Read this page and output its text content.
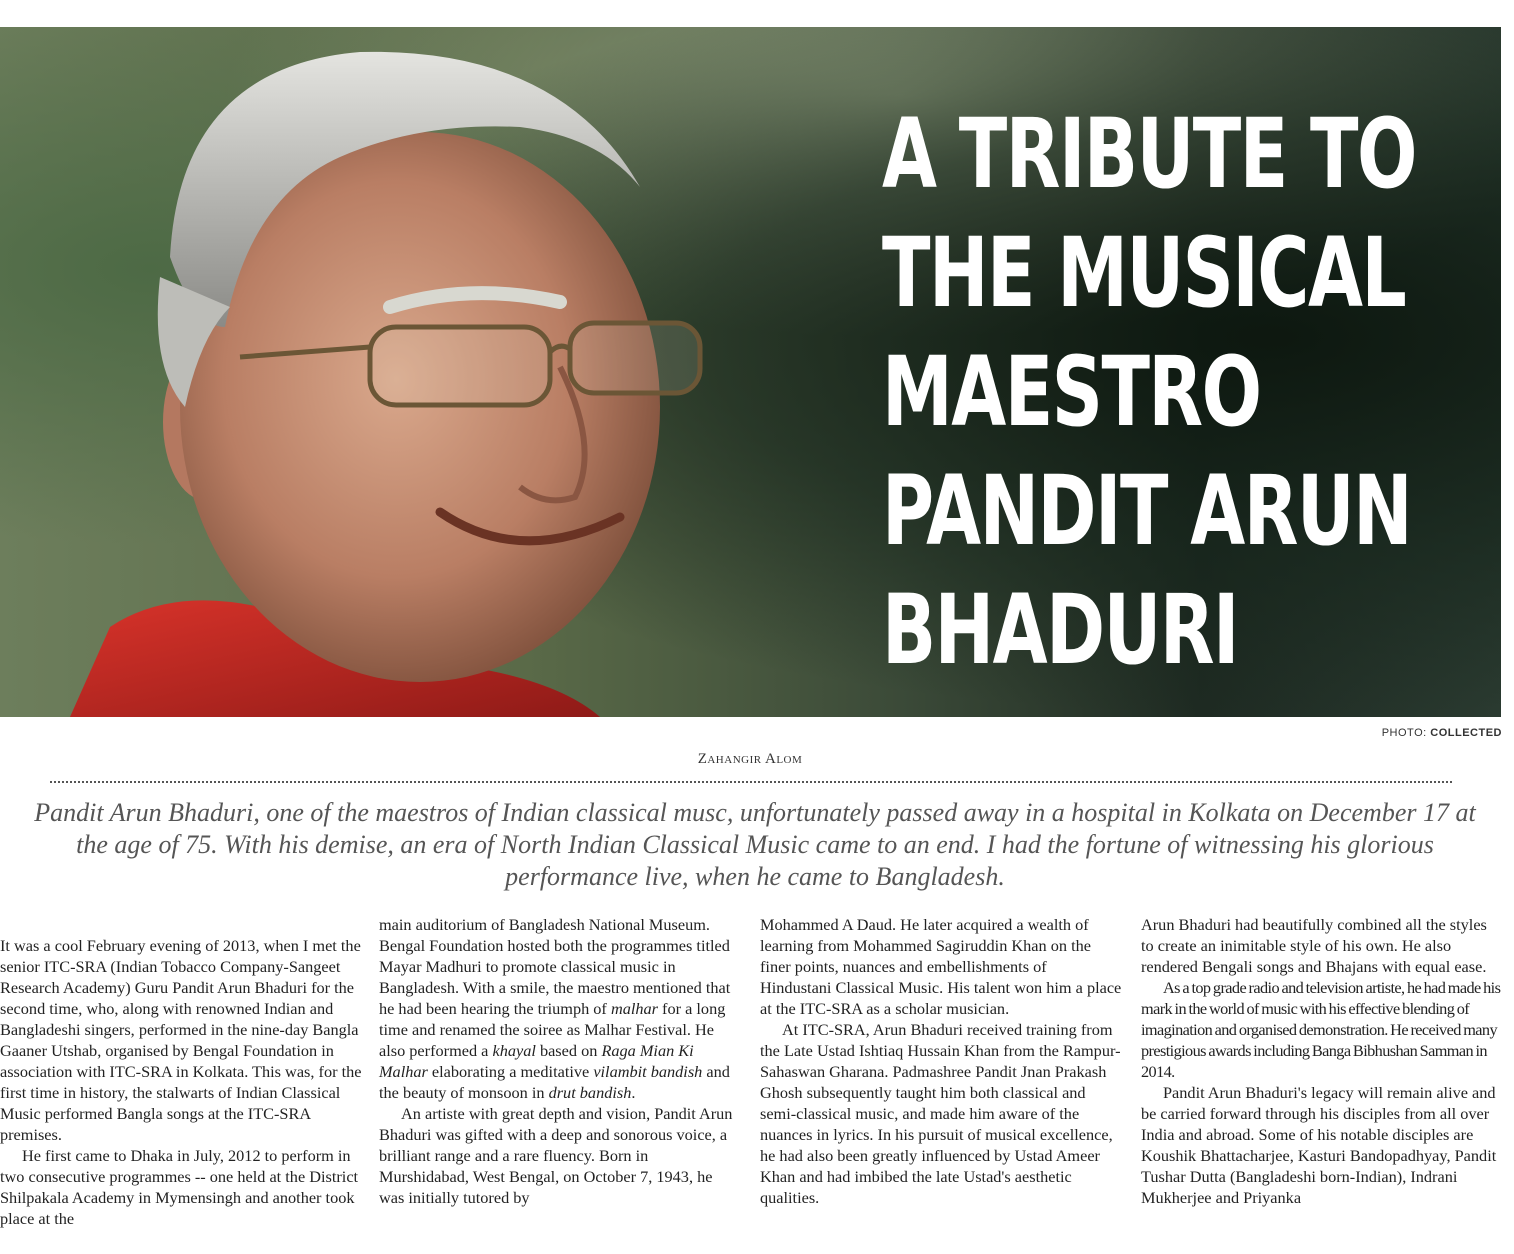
A TRIBUTE TO
THE MUSICAL
MAESTRO
PANDIT ARUN
BHADURI
PHOTO: COLLECTED
Zahangir Alom

Pandit Arun Bhaduri, one of the maestros of Indian classical musc, unfortunately passed away in a hospital in Kolkata on December 17 at the age of 75. With his demise, an era of North Indian Classical Music came to an end. I had the fortune of witnessing his glorious performance live, when he came to Bangladesh.

It was a cool February evening of 2013, when I met the senior ITC-SRA (Indian Tobacco Company-Sangeet Research Academy) Guru Pandit Arun Bhaduri for the second time, who, along with renowned Indian and Bangladeshi singers, performed in the nine-day Bangla Gaaner Utshab, organised by Bengal Foundation in association with ITC-SRA in Kolkata. This was, for the first time in history, the stalwarts of Indian Classical Music performed Bangla songs at the ITC-SRA premises.

He first came to Dhaka in July, 2012 to perform in two consecutive programmes -- one held at the District Shilpakala Academy in Mymensingh and another took place at the

main auditorium of Bangladesh National Museum. Bengal Foundation hosted both the programmes titled Mayar Madhuri to promote classical music in Bangladesh. With a smile, the maestro mentioned that he had been hearing the triumph of malhar for a long time and renamed the soiree as Malhar Festival. He also performed a khayal based on Raga Mian Ki Malhar elaborating a meditative vilambit bandish and the beauty of monsoon in drut bandish.

An artiste with great depth and vision, Pandit Arun Bhaduri was gifted with a deep and sonorous voice, a brilliant range and a rare fluency. Born in Murshidabad, West Bengal, on October 7, 1943, he was initially tutored by

Mohammed A Daud. He later acquired a wealth of learning from Mohammed Sagiruddin Khan on the finer points, nuances and embellishments of Hindustani Classical Music. His talent won him a place at the ITC-SRA as a scholar musician.

At ITC-SRA, Arun Bhaduri received training from the Late Ustad Ishtiaq Hussain Khan from the Rampur-Sahaswan Gharana. Padmashree Pandit Jnan Prakash Ghosh subsequently taught him both classical and semi-classical music, and made him aware of the nuances in lyrics. In his pursuit of musical excellence, he had also been greatly influenced by Ustad Ameer Khan and had imbibed the late Ustad's aesthetic qualities.

Arun Bhaduri had beautifully combined all the styles to create an inimitable style of his own. He also rendered Bengali songs and Bhajans with equal ease.

As a top grade radio and television artiste, he had made his mark in the world of music with his effective blending of imagination and organised demonstration. He received many prestigious awards including Banga Bibhushan Samman in 2014.

Pandit Arun Bhaduri's legacy will remain alive and be carried forward through his disciples from all over India and abroad. Some of his notable disciples are Koushik Bhattacharjee, Kasturi Bandopadhyay, Pandit Tushar Dutta (Bangladeshi born-Indian), Indrani Mukherjee and Priyanka
